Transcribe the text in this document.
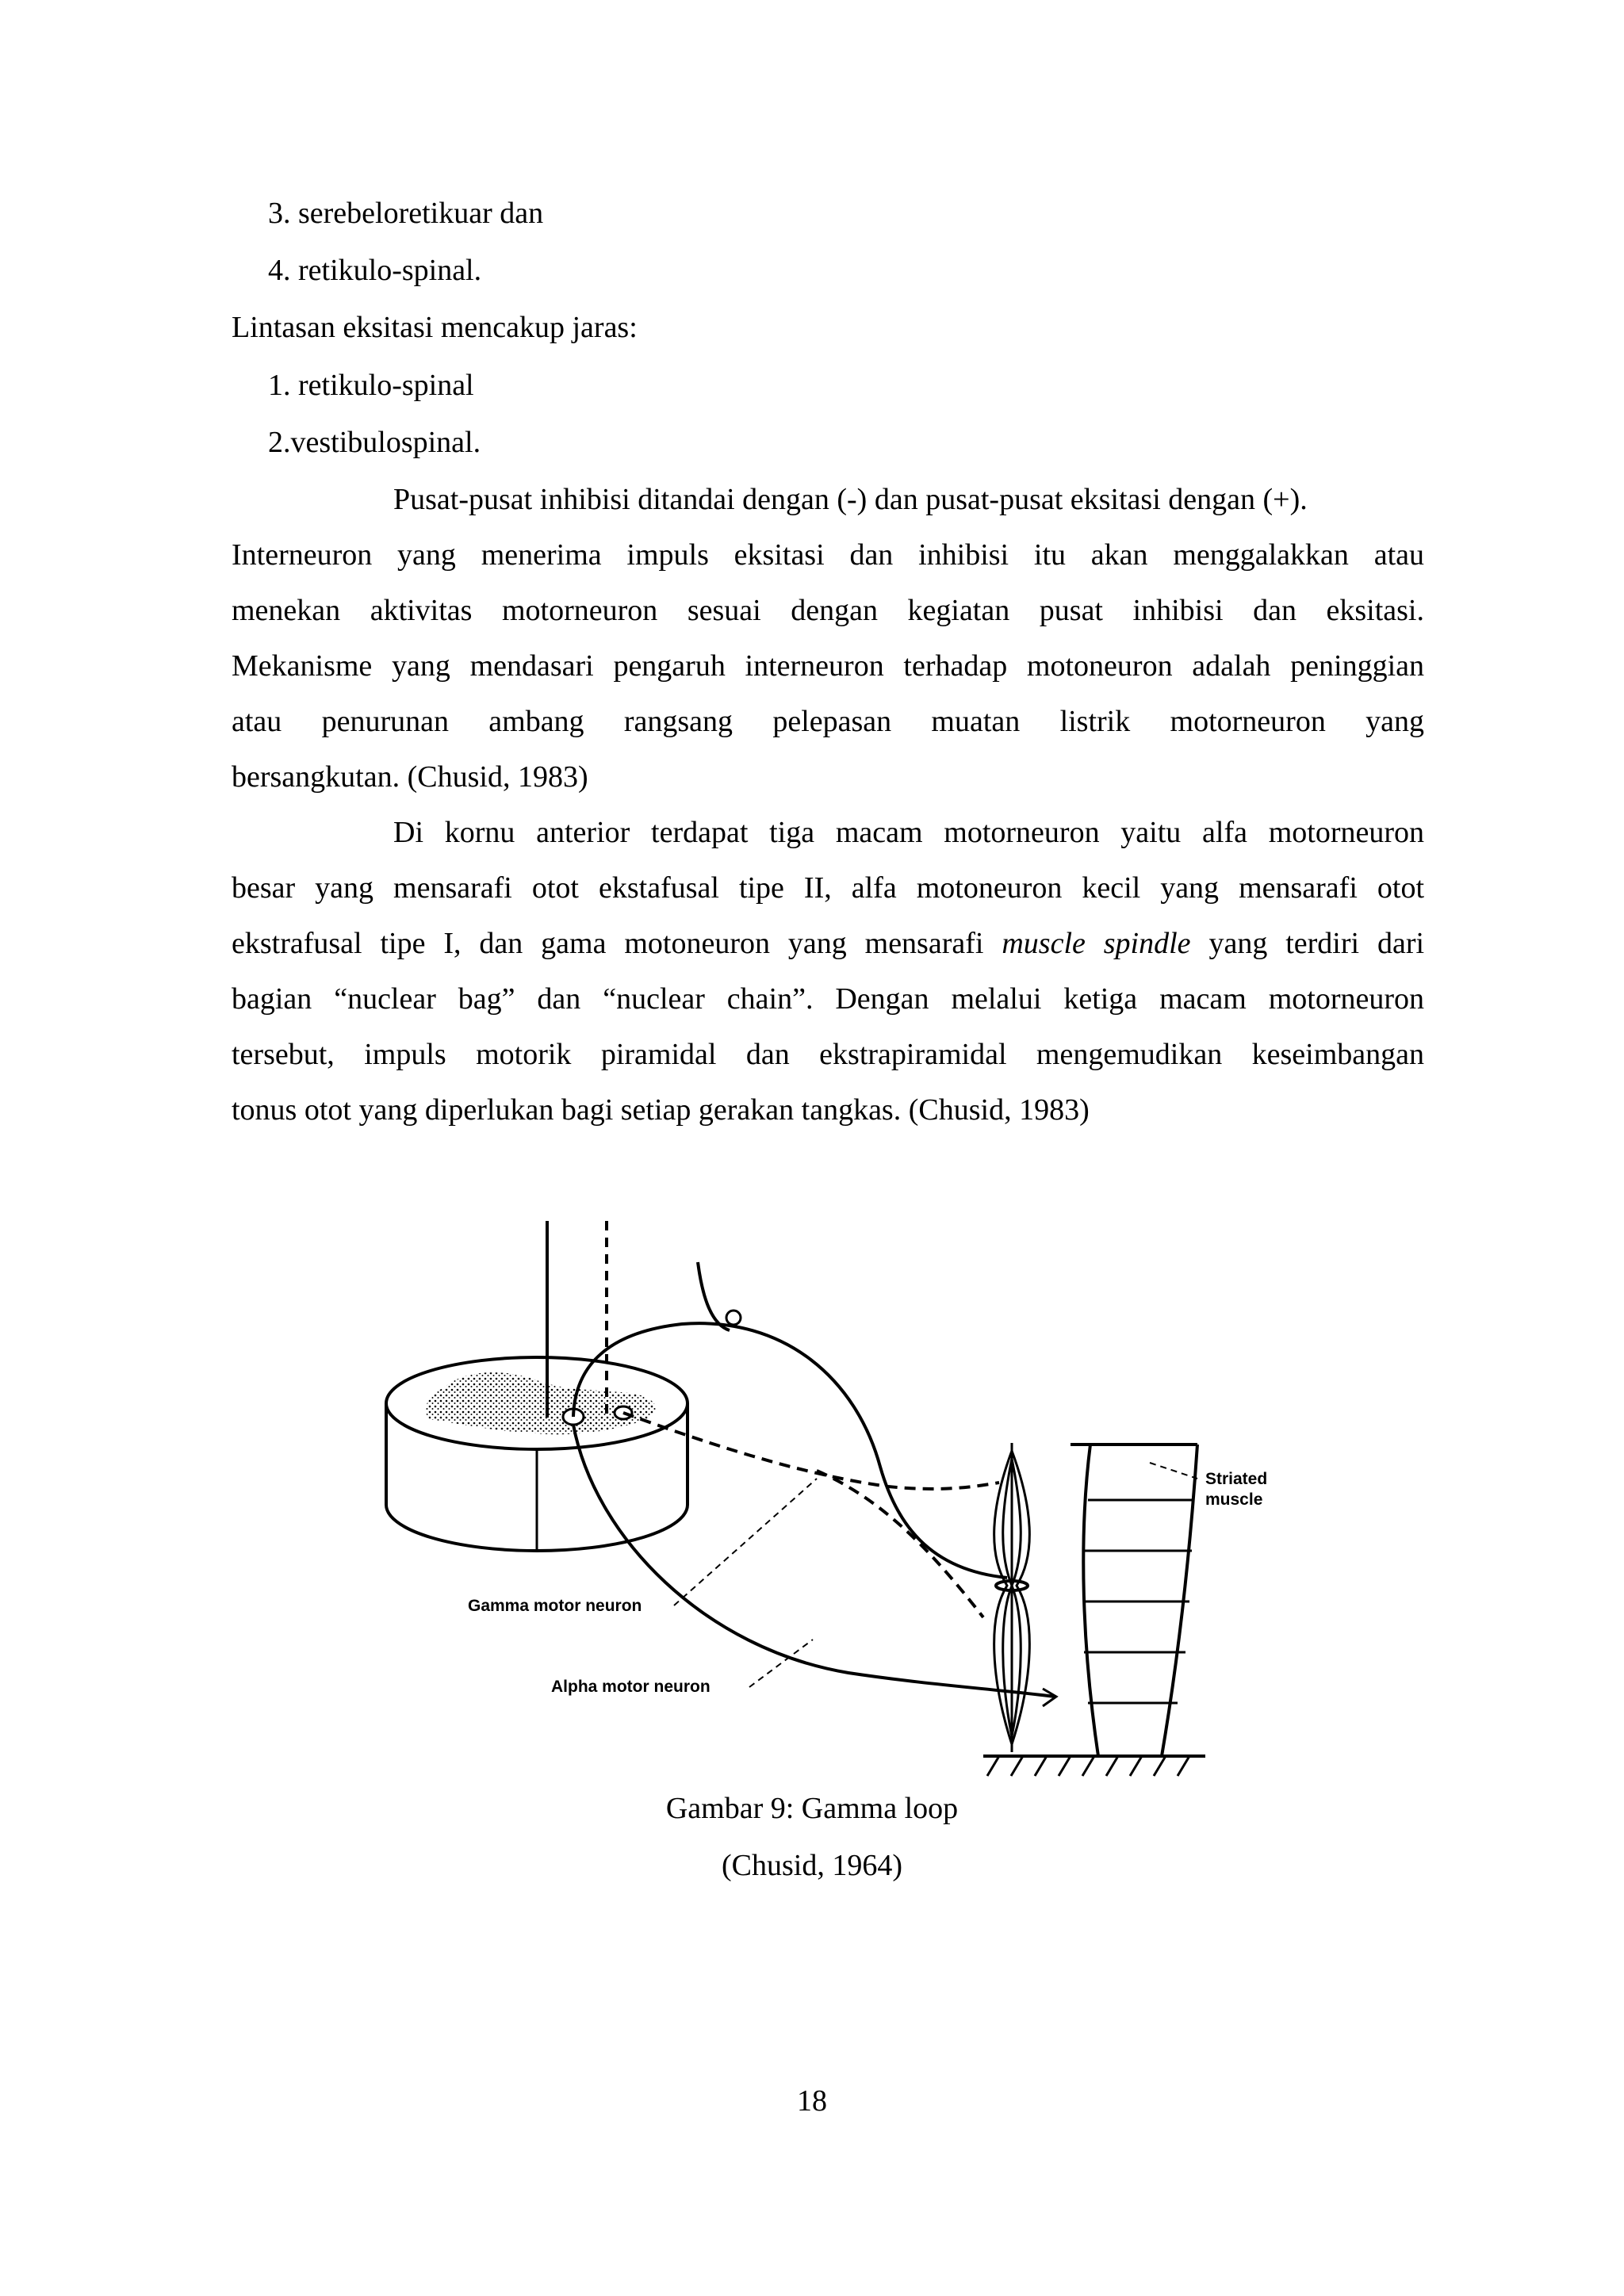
3. serebeloretikuar dan
4. retikulo-spinal.
Lintasan eksitasi mencakup jaras:
1. retikulo-spinal
2.vestibulospinal.
Pusat-pusat inhibisi ditandai dengan (-) dan pusat-pusat eksitasi dengan (+).
Interneuron yang menerima impuls eksitasi dan inhibisi itu akan menggalakkan atau
menekan aktivitas motorneuron sesuai dengan kegiatan pusat inhibisi dan eksitasi.
Mekanisme yang mendasari pengaruh interneuron terhadap motoneuron adalah peninggian
atau penurunan ambang rangsang pelepasan muatan listrik motorneuron yang
bersangkutan. (Chusid, 1983)
Di kornu anterior terdapat tiga macam motorneuron yaitu alfa motorneuron
besar yang mensarafi otot ekstafusal tipe II, alfa motoneuron kecil yang mensarafi otot
ekstrafusal tipe I, dan gama motoneuron yang mensarafi muscle spindle yang terdiri dari
bagian “nuclear bag” dan “nuclear chain”. Dengan melalui ketiga macam motorneuron
tersebut, impuls motorik piramidal dan ekstrapiramidal mengemudikan keseimbangan
tonus otot yang diperlukan bagi setiap gerakan tangkas. (Chusid, 1983)
Striated
muscle
Gamma motor neuron
Alpha motor neuron
Gambar 9: Gamma loop
(Chusid, 1964)
18
